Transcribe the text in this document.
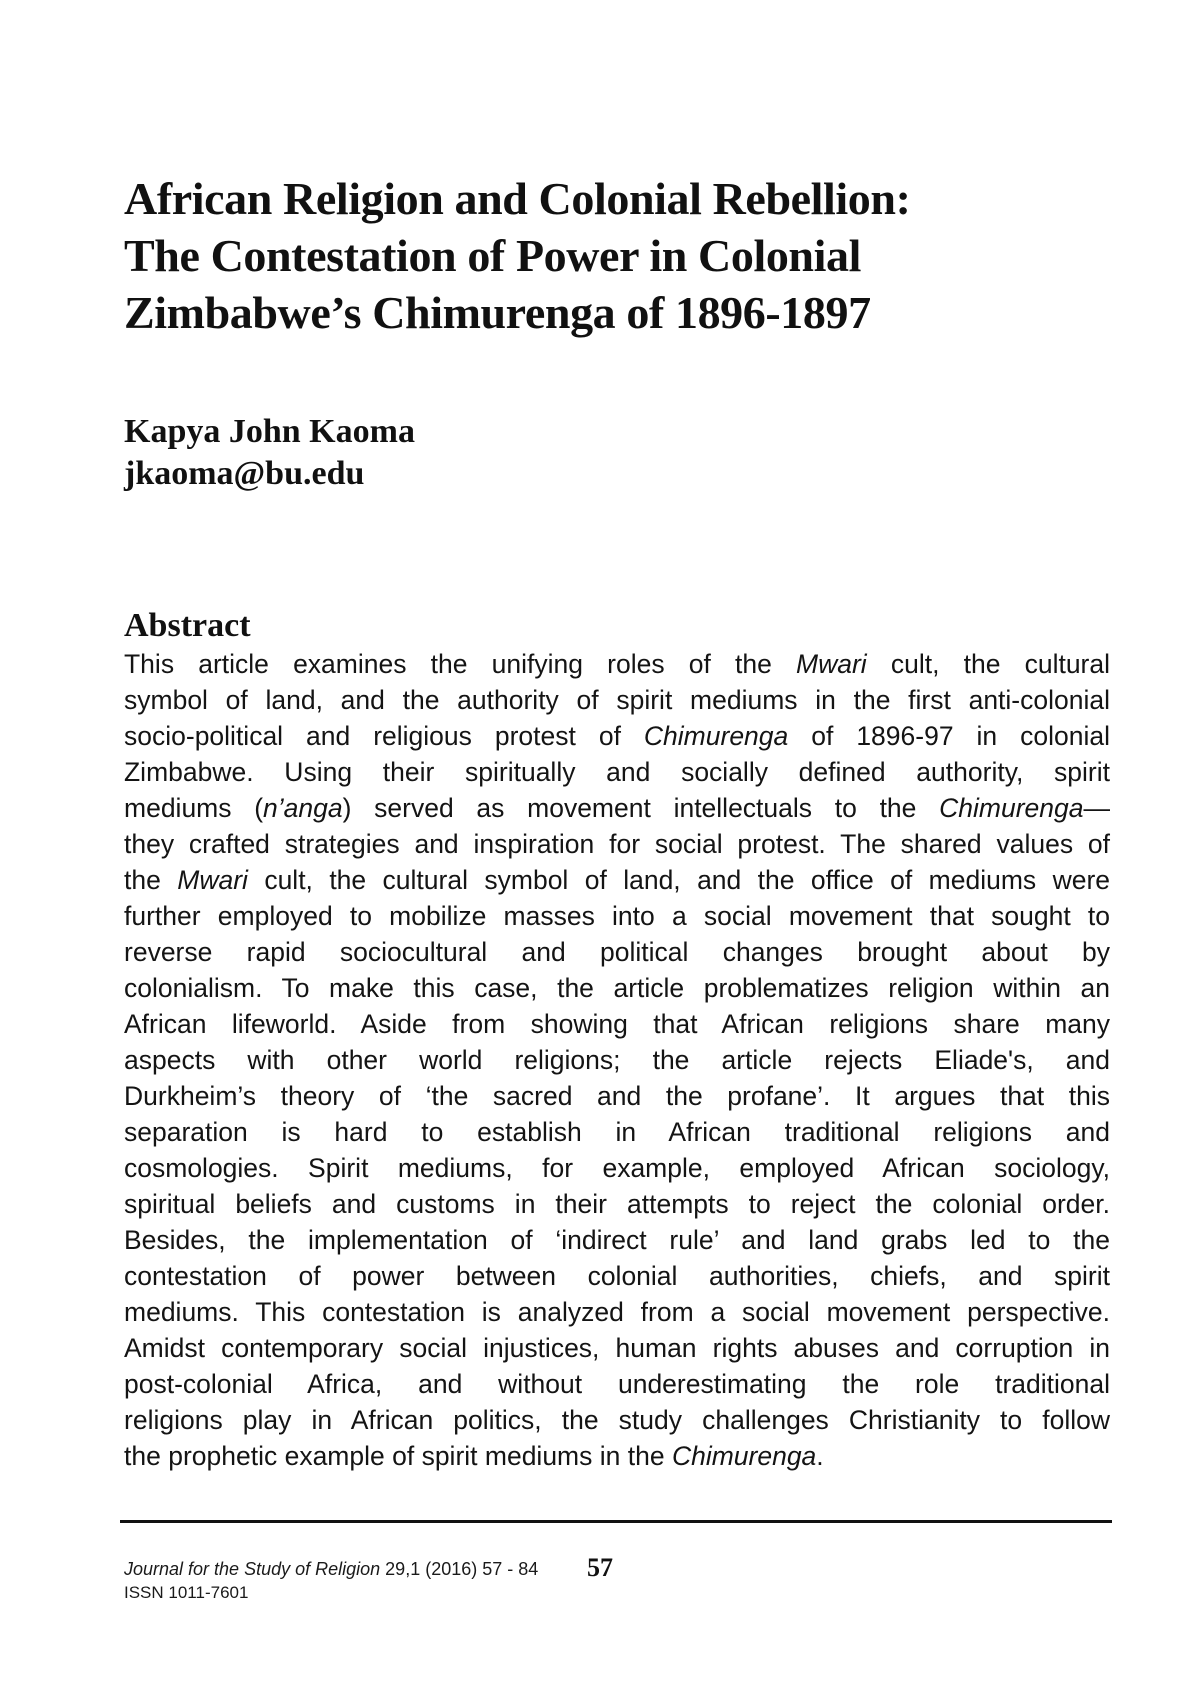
African Religion and Colonial Rebellion:
The Contestation of Power in Colonial
Zimbabwe’s Chimurenga of 1896-1897
Kapya John Kaoma
jkaoma@bu.edu
Abstract
This article examines the unifying roles of the Mwari cult, the cultural
symbol of land, and the authority of spirit mediums in the first anti-colonial
socio-political and religious protest of Chimurenga of 1896-97 in colonial
Zimbabwe. Using their spiritually and socially defined authority, spirit
mediums (n’anga) served as movement intellectuals to the Chimurenga—
they crafted strategies and inspiration for social protest. The shared values of
the Mwari cult, the cultural symbol of land, and the office of mediums were
further employed to mobilize masses into a social movement that sought to
reverse rapid sociocultural and political changes brought about by
colonialism. To make this case, the article problematizes religion within an
African lifeworld. Aside from showing that African religions share many
aspects with other world religions; the article rejects Eliade's, and
Durkheim’s theory of ‘the sacred and the profane’. It argues that this
separation is hard to establish in African traditional religions and
cosmologies. Spirit mediums, for example, employed African sociology,
spiritual beliefs and customs in their attempts to reject the colonial order.
Besides, the implementation of ‘indirect rule’ and land grabs led to the
contestation of power between colonial authorities, chiefs, and spirit
mediums. This contestation is analyzed from a social movement perspective.
Amidst contemporary social injustices, human rights abuses and corruption in
post-colonial Africa, and without underestimating the role traditional
religions play in African politics, the study challenges Christianity to follow
the prophetic example of spirit mediums in the Chimurenga.
Journal for the Study of Religion 29,1 (2016) 57 - 84 57
ISSN 1011-7601
